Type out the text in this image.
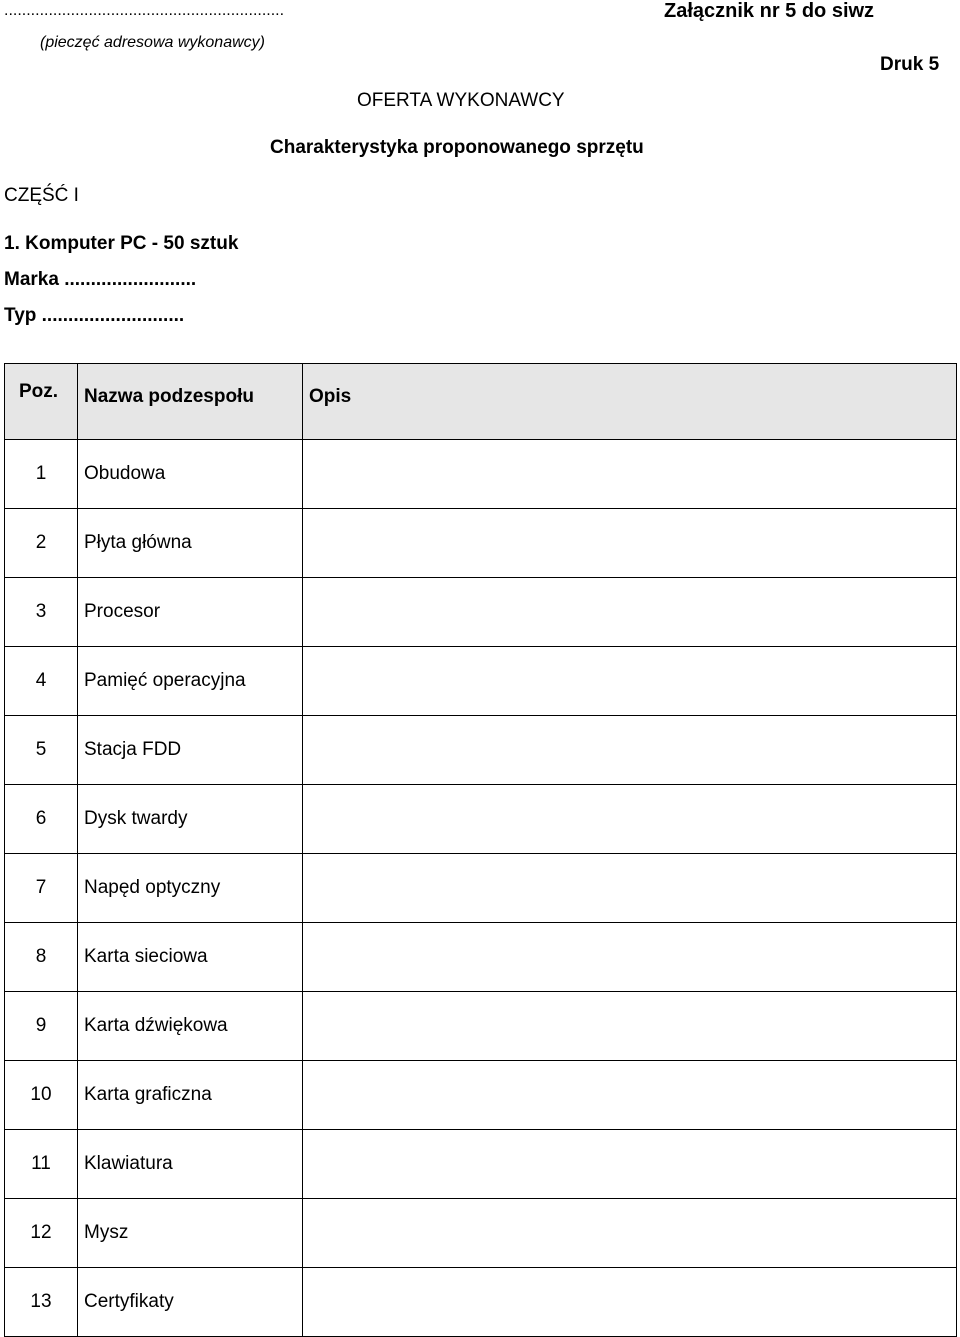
...............................................................
(pieczęć adresowa wykonawcy)
Załącznik nr 5 do siwz
Druk 5
OFERTA WYKONAWCY
Charakterystyka proponowanego sprzętu
CZĘŚĆ I
1. Komputer PC - 50 sztuk
Marka .........................
Typ ...........................
Poz.	Nazwa podzespołu	Opis
1	Obudowa	
2	Płyta główna	
3	Procesor	
4	Pamięć operacyjna	
5	Stacja FDD	
6	Dysk twardy	
7	Napęd optyczny	
8	Karta sieciowa	
9	Karta dźwiękowa	
10	Karta graficzna	
11	Klawiatura	
12	Mysz	
13	Certyfikaty	
